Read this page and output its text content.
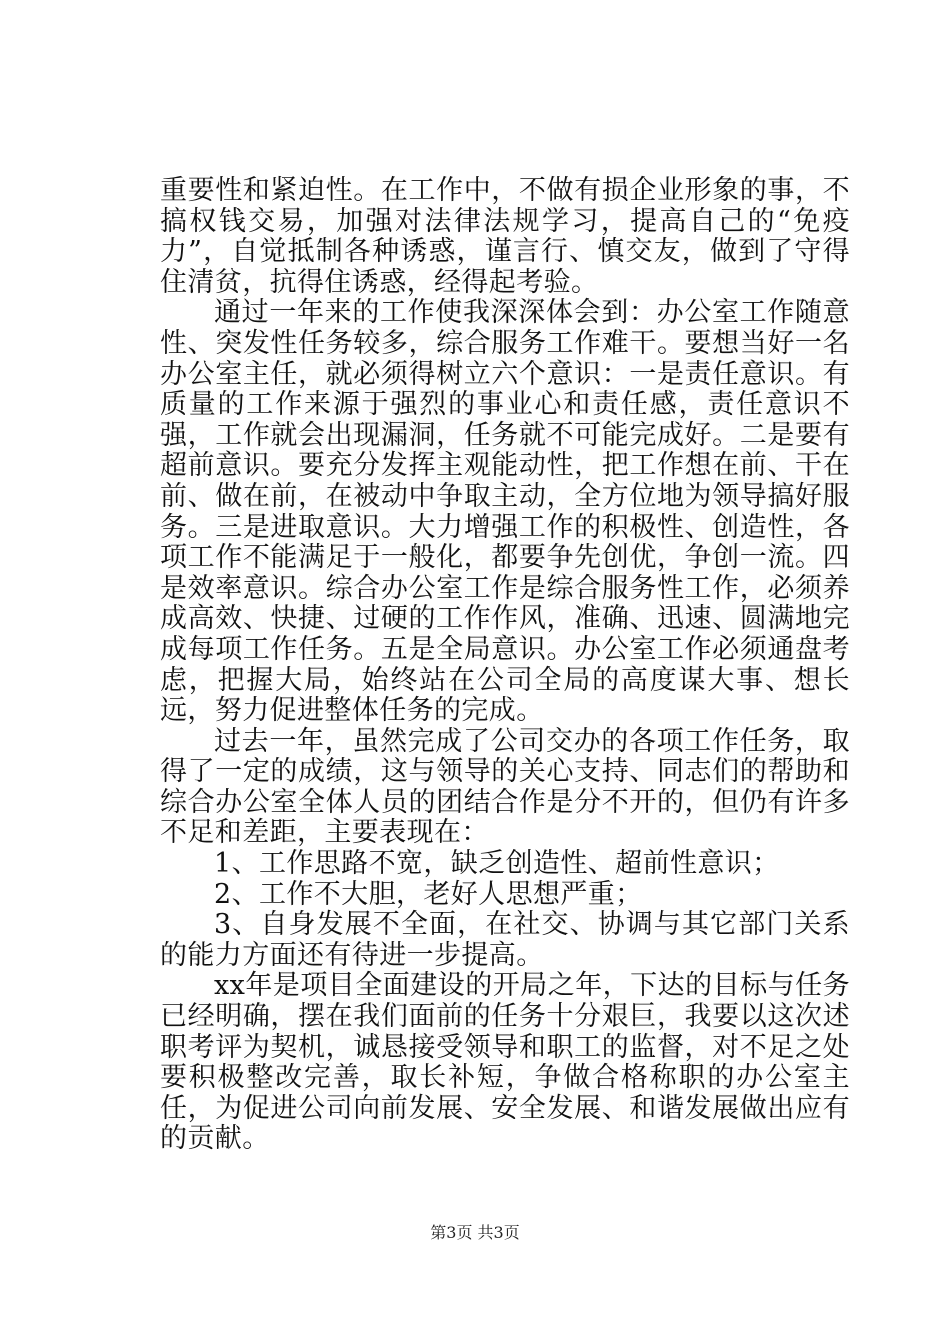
重要性和紧迫性。在工作中，不做有损企业形象的事，不搞权钱交易，加强对法律法规学习，提高自己的“免疫力”，自觉抵制各种诱惑，谨言行、慎交友，做到了守得住清贫，抗得住诱惑，经得起考验。

通过一年来的工作使我深深体会到：办公室工作随意性、突发性任务较多，综合服务工作难干。要想当好一名办公室主任，就必须得树立六个意识：一是责任意识。有质量的工作来源于强烈的事业心和责任感，责任意识不强，工作就会出现漏洞，任务就不可能完成好。二是要有超前意识。要充分发挥主观能动性，把工作想在前、干在前、做在前，在被动中争取主动，全方位地为领导搞好服务。三是进取意识。大力增强工作的积极性、创造性，各项工作不能满足于一般化，都要争先创优，争创一流。四是效率意识。综合办公室工作是综合服务性工作，必须养成高效、快捷、过硬的工作作风，准确、迅速、圆满地完成每项工作任务。五是全局意识。办公室工作必须通盘考虑，把握大局，始终站在公司全局的高度谋大事、想长远，努力促进整体任务的完成。

过去一年，虽然完成了公司交办的各项工作任务，取得了一定的成绩，这与领导的关心支持、同志们的帮助和综合办公室全体人员的团结合作是分不开的，但仍有许多不足和差距，主要表现在：

1、工作思路不宽，缺乏创造性、超前性意识；

2、工作不大胆，老好人思想严重；

3、自身发展不全面，在社交、协调与其它部门关系的能力方面还有待进一步提高。

xx年是项目全面建设的开局之年，下达的目标与任务已经明确，摆在我们面前的任务十分艰巨，我要以这次述职考评为契机，诚恳接受领导和职工的监督，对不足之处要积极整改完善，取长补短，争做合格称职的办公室主任，为促进公司向前发展、安全发展、和谐发展做出应有的贡献。

第3页 共3页
